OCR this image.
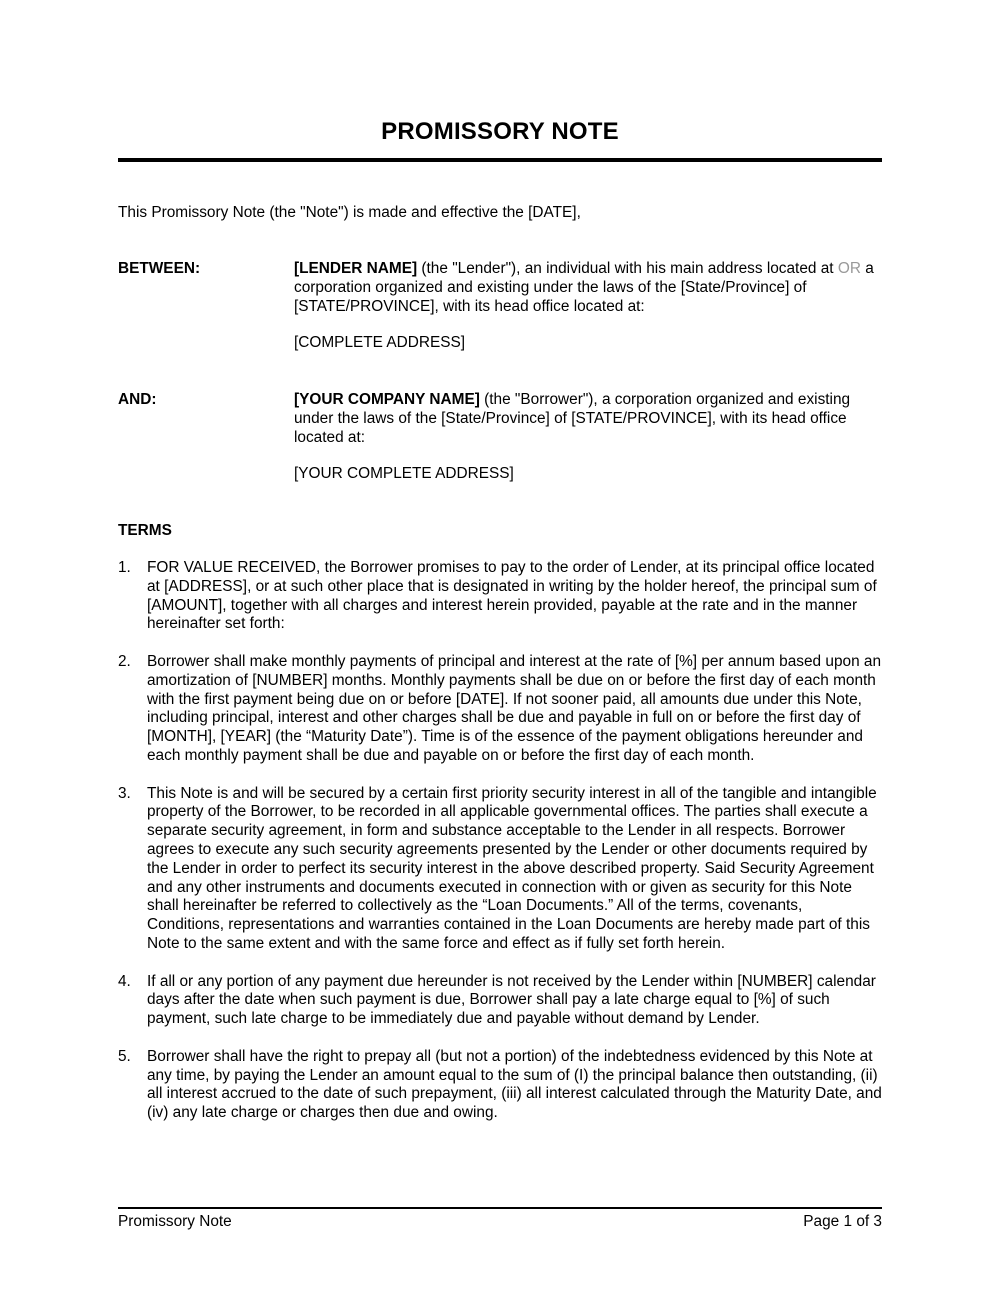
PROMISSORY NOTE
This Promissory Note (the "Note") is made and effective the [DATE],
BETWEEN:	[LENDER NAME] (the "Lender"), an individual with his main address located at OR a corporation organized and existing under the laws of the [State/Province] of [STATE/PROVINCE], with its head office located at:

[COMPLETE ADDRESS]

AND:	[YOUR COMPANY NAME] (the "Borrower"), a corporation organized and existing under the laws of the [State/Province] of [STATE/PROVINCE], with its head office located at:

[YOUR COMPLETE ADDRESS]

TERMS
1. FOR VALUE RECEIVED, the Borrower promises to pay to the order of Lender, at its principal office located at [ADDRESS], or at such other place that is designated in writing by the holder hereof, the principal sum of [AMOUNT], together with all charges and interest herein provided, payable at the rate and in the manner hereinafter set forth:
2. Borrower shall make monthly payments of principal and interest at the rate of [%] per annum based upon an amortization of [NUMBER] months. Monthly payments shall be due on or before the first day of each month with the first payment being due on or before [DATE]. If not sooner paid, all amounts due under this Note, including principal, interest and other charges shall be due and payable in full on or before the first day of [MONTH], [YEAR] (the “Maturity Date”). Time is of the essence of the payment obligations hereunder and each monthly payment shall be due and payable on or before the first day of each month.
3. This Note is and will be secured by a certain first priority security interest in all of the tangible and intangible property of the Borrower, to be recorded in all applicable governmental offices. The parties shall execute a separate security agreement, in form and substance acceptable to the Lender in all respects. Borrower agrees to execute any such security agreements presented by the Lender or other documents required by the Lender in order to perfect its security interest in the above described property. Said Security Agreement and any other instruments and documents executed in connection with or given as security for this Note shall hereinafter be referred to collectively as the “Loan Documents.” All of the terms, covenants, Conditions, representations and warranties contained in the Loan Documents are hereby made part of this Note to the same extent and with the same force and effect as if fully set forth herein.
4. If all or any portion of any payment due hereunder is not received by the Lender within [NUMBER] calendar days after the date when such payment is due, Borrower shall pay a late charge equal to [%] of such payment, such late charge to be immediately due and payable without demand by Lender.
5. Borrower shall have the right to prepay all (but not a portion) of the indebtedness evidenced by this Note at any time, by paying the Lender an amount equal to the sum of (I) the principal balance then outstanding, (ii) all interest accrued to the date of such prepayment, (iii) all interest calculated through the Maturity Date, and (iv) any late charge or charges then due and owing.
Promissory Note	Page 1 of 3
